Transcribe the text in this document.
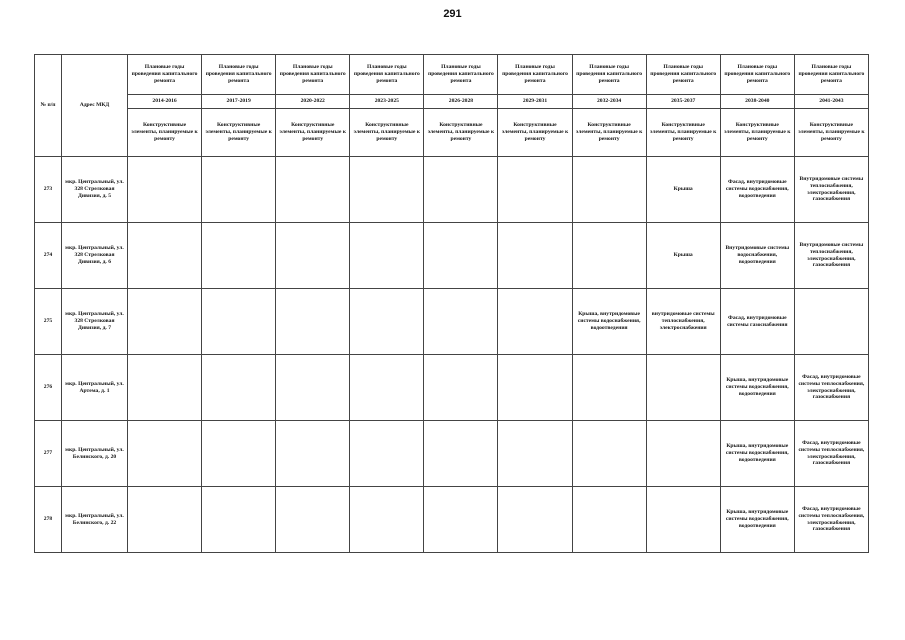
291
№ п/п	Адрес МКД	Плановые годы проведения капитального ремонта	Плановые годы проведения капитального ремонта	Плановые годы проведения капитального ремонта	Плановые годы проведения капитального ремонта	Плановые годы проведения капитального ремонта	Плановые годы проведения капитального ремонта	Плановые годы проведения капитального ремонта	Плановые годы проведения капитального ремонта	Плановые годы проведения капитального ремонта	Плановые годы проведения капитального ремонта
		2014-2016	2017-2019	2020-2022	2023-2025	2026-2028	2029-2031	2032-2034	2035-2037	2038-2040	2041-2043
		Конструктивные элементы, планируемые к ремонту	Конструктивные элементы, планируемые к ремонту	Конструктивные элементы, планируемые к ремонту	Конструктивные элементы, планируемые к ремонту	Конструктивные элементы, планируемые к ремонту	Конструктивные элементы, планируемые к ремонту	Конструктивные элементы, планируемые к ремонту	Конструктивные элементы, планируемые к ремонту	Конструктивные элементы, планируемые к ремонту	Конструктивные элементы, планируемые к ремонту
273	мкр. Центральный, ул. 328 Стрелковая Дивизия, д. 5								Крыша	Фасад, внутридомовые системы водоснабжения, водоотведения	Внутридомовые системы теплоснабжения, электроснабжения, газоснабжения
274	мкр. Центральный, ул. 328 Стрелковая Дивизия, д. 6								Крыша	Внутридомовые системы водоснабжения, водоотведения	Внутридомовые системы теплоснабжения, электроснабжения, газоснабжения
275	мкр. Центральный, ул. 328 Стрелковая Дивизия, д. 7							Крыша, внутридомовые системы водоснабжения, водоотведения	внутридомовые системы теплоснабжения, электроснабжения	Фасад, внутридомовые системы газоснабжения	
276	мкр. Центральный, ул. Артема, д. 1									Крыша, внутридомовые системы водоснабжения, водоотведения	Фасад, внутридомовые системы теплоснабжения, электроснабжения, газоснабжения
277	мкр. Центральный, ул. Белинского, д. 20									Крыша, внутридомовые системы водоснабжения, водоотведения	Фасад, внутридомовые системы теплоснабжения, электроснабжения, газоснабжения
278	мкр. Центральный, ул. Белинского, д. 22									Крыша, внутридомовые системы водоснабжения, водоотведения	Фасад, внутридомовые системы теплоснабжения, электроснабжения, газоснабжения
